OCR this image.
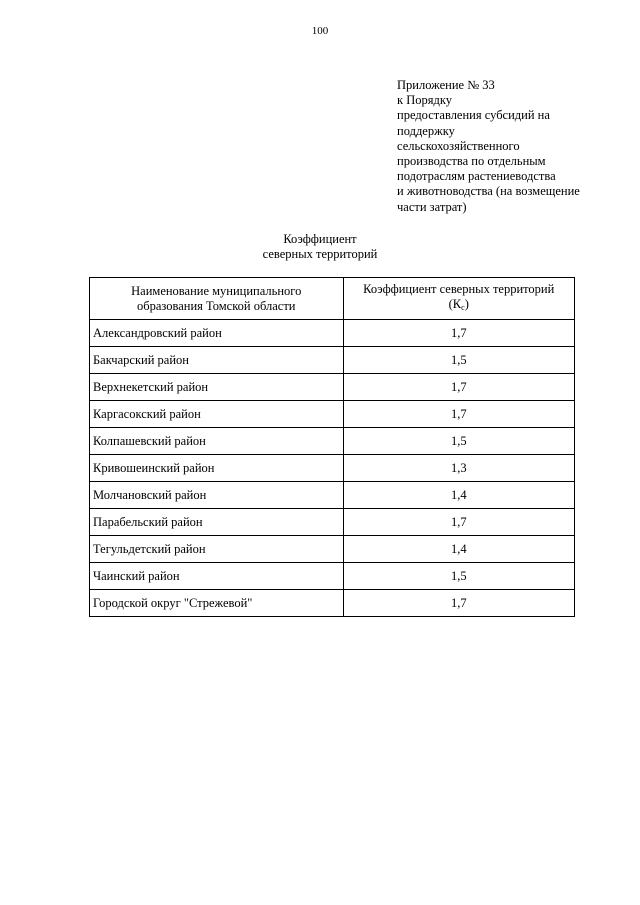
100
Приложение № 33
к Порядку
предоставления субсидий на
поддержку
сельскохозяйственного
производства по отдельным
подотраслям растениеводства
и животноводства (на возмещение
части затрат)
Коэффициент
северных территорий
Наименование муниципального
образования Томской области	Коэффициент северных территорий
$(К_с)$

Александровский район	1,7
Бакчарский район	1,5
Верхнекетский район	1,7
Каргасокский район	1,7
Колпашевский район	1,5
Кривошеинский район	1,3
Молчановский район	1,4
Парабельский район	1,7
Тегульдетский район	1,4
Чаинский район	1,5
Городской округ "Стрежевой"	1,7
